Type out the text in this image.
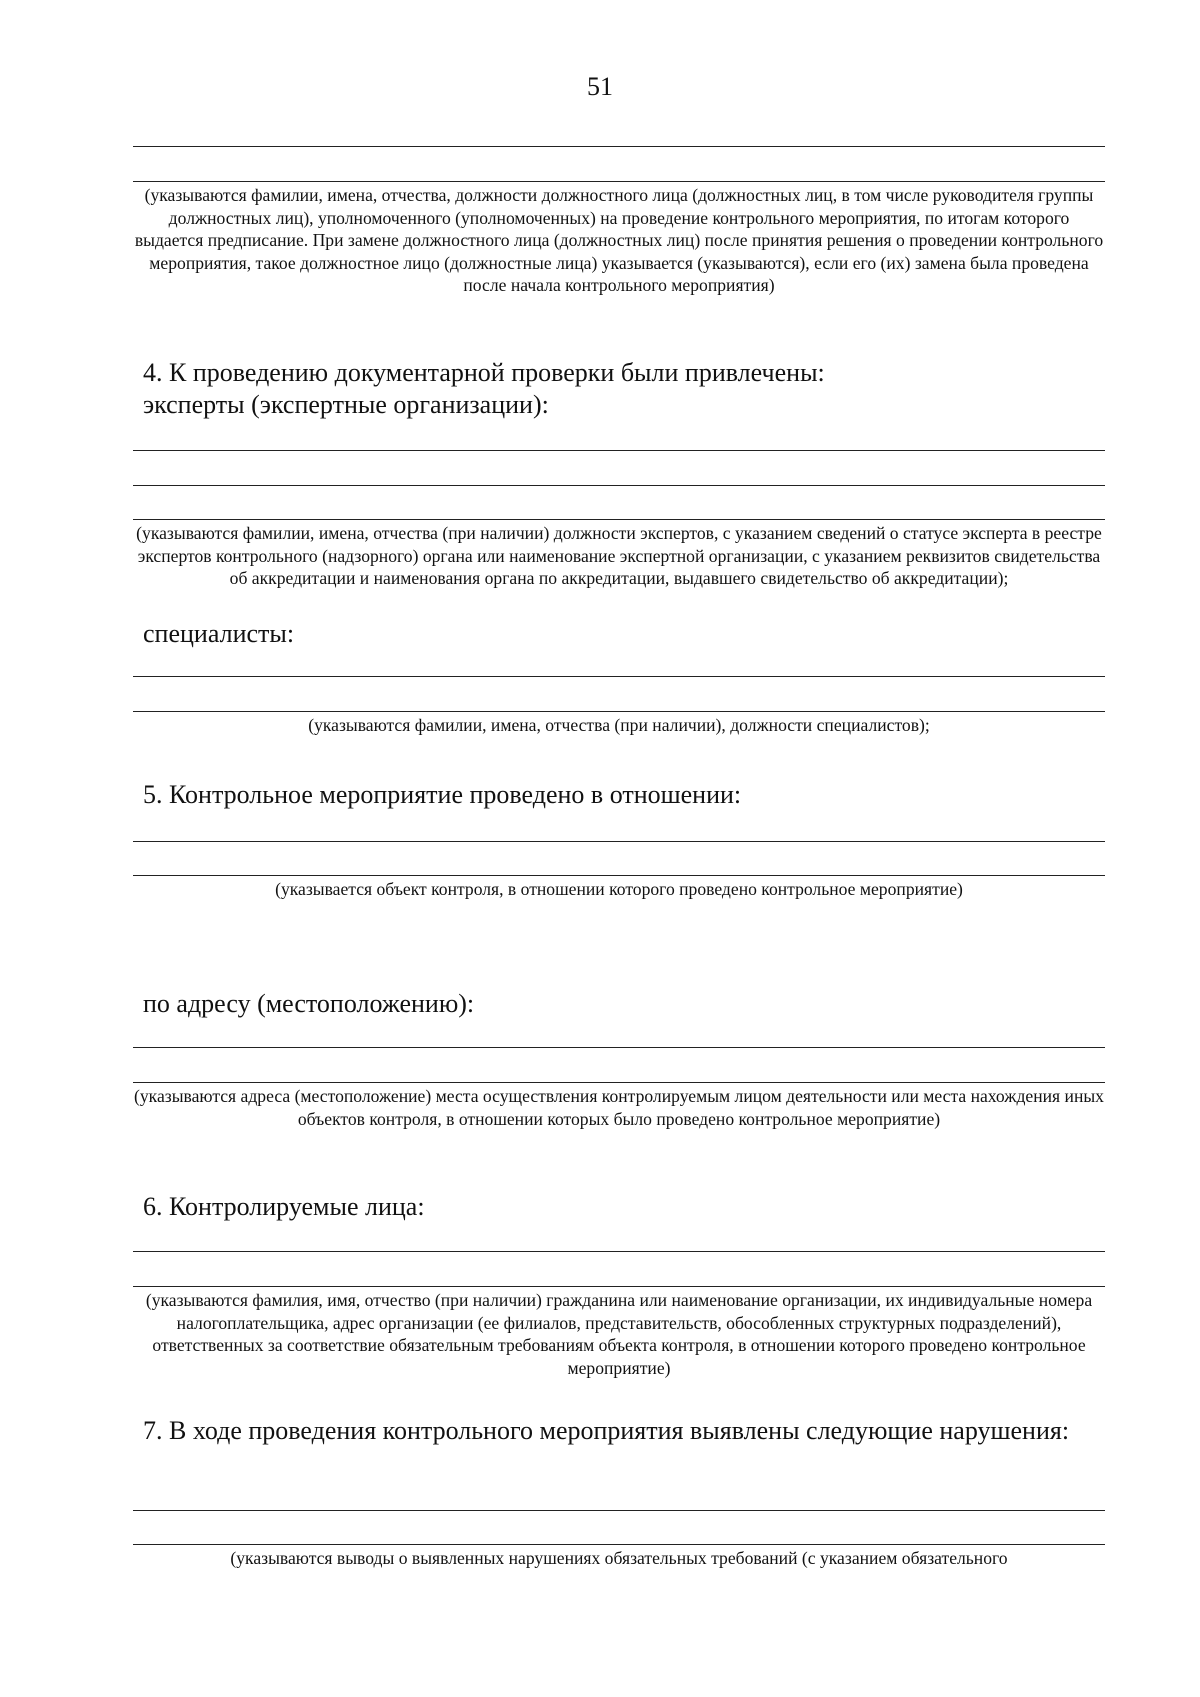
51
(указываются фамилии, имена, отчества, должности должностного лица (должностных лиц, в том числе руководителя группы должностных лиц), уполномоченного (уполномоченных) на проведение контрольного мероприятия, по итогам которого выдается предписание. При замене должностного лица (должностных лиц) после принятия решения о проведении контрольного мероприятия, такое должностное лицо (должностные лица) указывается (указываются), если его (их) замена была проведена после начала контрольного мероприятия)
4. К проведению документарной проверки были привлечены:
эксперты (экспертные организации):
(указываются фамилии, имена, отчества (при наличии) должности экспертов, с указанием сведений о статусе эксперта в реестре экспертов контрольного (надзорного) органа или наименование экспертной организации, с указанием реквизитов свидетельства об аккредитации и наименования органа по аккредитации, выдавшего свидетельство об аккредитации);
специалисты:
(указываются фамилии, имена, отчества (при наличии), должности специалистов);
5. Контрольное мероприятие проведено в отношении:
(указывается объект контроля, в отношении которого проведено контрольное мероприятие)
по адресу (местоположению):
(указываются адреса (местоположение) места осуществления контролируемым лицом деятельности или места нахождения иных объектов контроля, в отношении которых было проведено контрольное мероприятие)
6. Контролируемые лица:
(указываются фамилия, имя, отчество (при наличии) гражданина или наименование организации, их индивидуальные номера налогоплательщика, адрес организации (ее филиалов, представительств, обособленных структурных подразделений), ответственных за соответствие обязательным требованиям объекта контроля, в отношении которого проведено контрольное мероприятие)
7. В ходе проведения контрольного мероприятия выявлены следующие нарушения:
(указываются выводы о выявленных нарушениях обязательных требований (с указанием обязательного
